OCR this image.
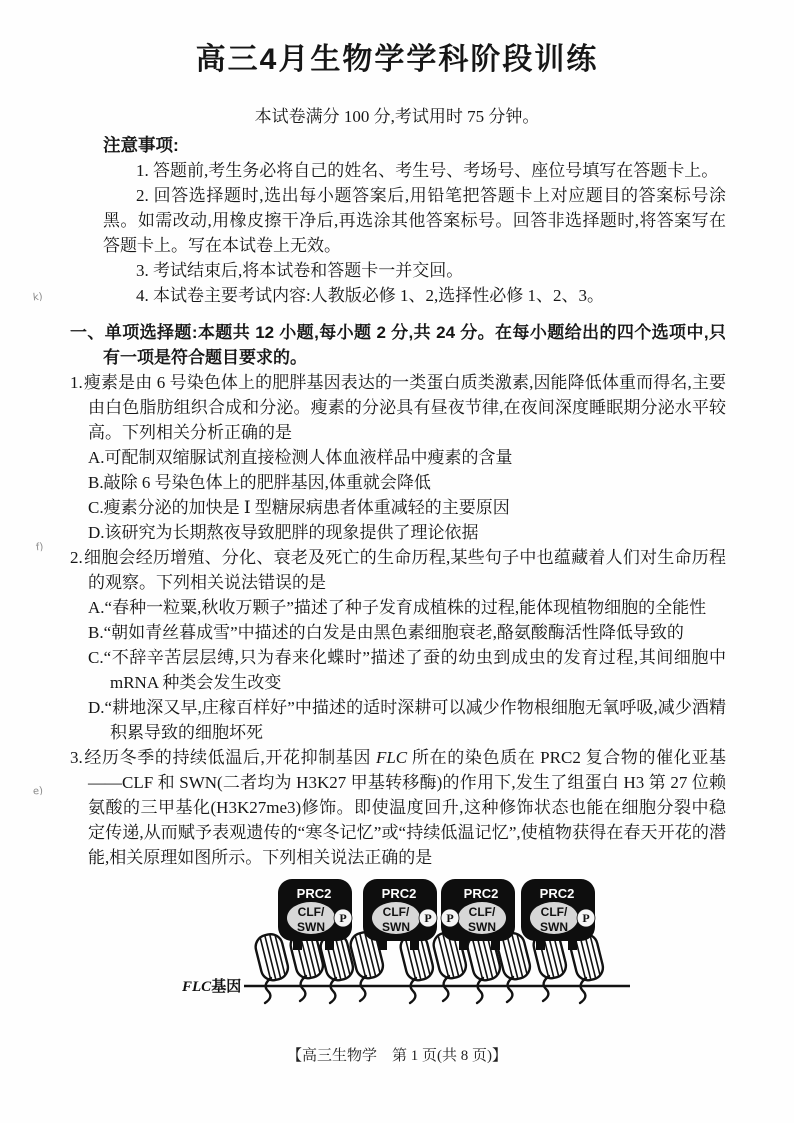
高三4月生物学学科阶段训练
本试卷满分 100 分,考试用时 75 分钟。
注意事项:

1. 答题前,考生务必将自己的姓名、考生号、考场号、座位号填写在答题卡上。

2. 回答选择题时,选出每小题答案后,用铅笔把答题卡上对应题目的答案标号涂黑。如需改动,用橡皮擦干净后,再选涂其他答案标号。回答非选择题时,将答案写在答题卡上。写在本试卷上无效。

3. 考试结束后,将本试卷和答题卡一并交回。

4. 本试卷主要考试内容:人教版必修 1、2,选择性必修 1、2、3。

一、单项选择题:本题共 12 小题,每小题 2 分,共 24 分。在每小题给出的四个选项中,只有一项是符合题目要求的。

1.瘦素是由 6 号染色体上的肥胖基因表达的一类蛋白质类激素,因能降低体重而得名,主要由白色脂肪组织合成和分泌。瘦素的分泌具有昼夜节律,在夜间深度睡眠期分泌水平较高。下列相关分析正确的是

A.可配制双缩脲试剂直接检测人体血液样品中瘦素的含量
B.敲除 6 号染色体上的肥胖基因,体重就会降低
C.瘦素分泌的加快是 Ⅰ 型糖尿病患者体重减轻的主要原因
D.该研究为长期熬夜导致肥胖的现象提供了理论依据

2.细胞会经历增殖、分化、衰老及死亡的生命历程,某些句子中也蕴藏着人们对生命历程的观察。下列相关说法错误的是

A.“春种一粒粟,秋收万颗子”描述了种子发育成植株的过程,能体现植物细胞的全能性
B.“朝如青丝暮成雪”中描述的白发是由黑色素细胞衰老,酪氨酸酶活性降低导致的
C.“不辞辛苦层层缚,只为春来化蝶时”描述了蚕的幼虫到成虫的发育过程,其间细胞中 mRNA 种类会发生改变
D.“耕地深又早,庄稼百样好”中描述的适时深耕可以减少作物根细胞无氧呼吸,减少酒精积累导致的细胞坏死

3.经历冬季的持续低温后,开花抑制基因 FLC 所在的染色质在 PRC2 复合物的催化亚基——CLF 和 SWN(二者均为 H3K27 甲基转移酶)的作用下,发生了组蛋白 H3 第 27 位赖氨酸的三甲基化(H3K27me3)修饰。即使温度回升,这种修饰状态也能在细胞分裂中稳定传递,从而赋予表观遗传的“寒冬记忆”或“持续低温记忆”,使植物获得在春天开花的潜能,相关原理如图所示。下列相关说法正确的是

FLC基因
PRC2
CLF/
SWN
P
PRC2
CLF/
SWN
P
PRC2
CLF/
SWN
P
PRC2
CLF/
SWN
P
k)
f)
e)
【高三生物学　第 1 页(共 8 页)】
